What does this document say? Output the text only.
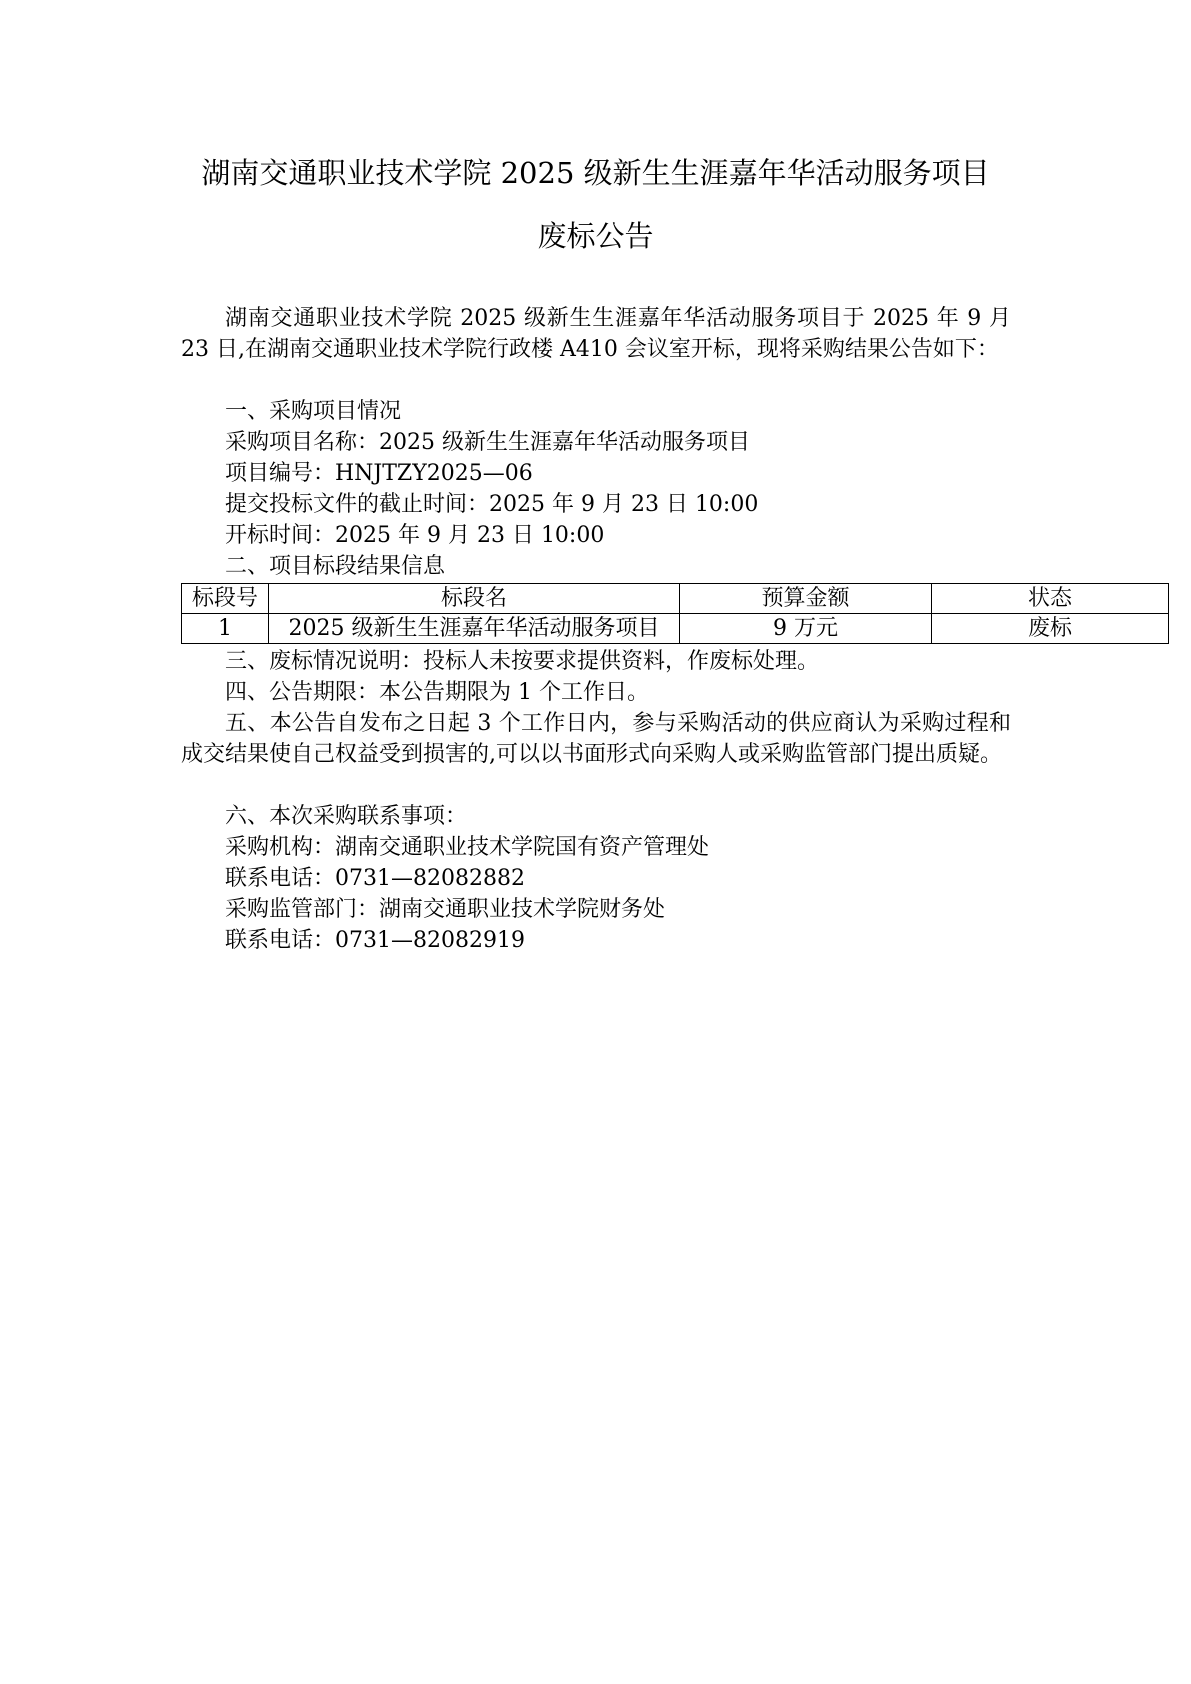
湖南交通职业技术学院 2025 级新生生涯嘉年华活动服务项目
废标公告
湖南交通职业技术学院 2025 级新生生涯嘉年华活动服务项目于 2025 年 9 月 23 日,在湖南交通职业技术学院行政楼 A410 会议室开标，现将采购结果公告如下：
一、采购项目情况
采购项目名称：2025 级新生生涯嘉年华活动服务项目
项目编号：HNJTZY2025—06
提交投标文件的截止时间：2025 年 9 月 23 日 10:00
开标时间：2025 年 9 月 23 日 10:00
二、项目标段结果信息
标段号	标段名	预算金额	状态
1	2025 级新生生涯嘉年华活动服务项目	9 万元	废标
三、废标情况说明：投标人未按要求提供资料，作废标处理。
四、公告期限：本公告期限为 1 个工作日。
五、本公告自发布之日起 3 个工作日内，参与采购活动的供应商认为采购过程和成交结果使自己权益受到损害的,可以以书面形式向采购人或采购监管部门提出质疑。
六、本次采购联系事项：
采购机构：湖南交通职业技术学院国有资产管理处
联系电话：0731—82082882
采购监管部门：湖南交通职业技术学院财务处
联系电话：0731—82082919
